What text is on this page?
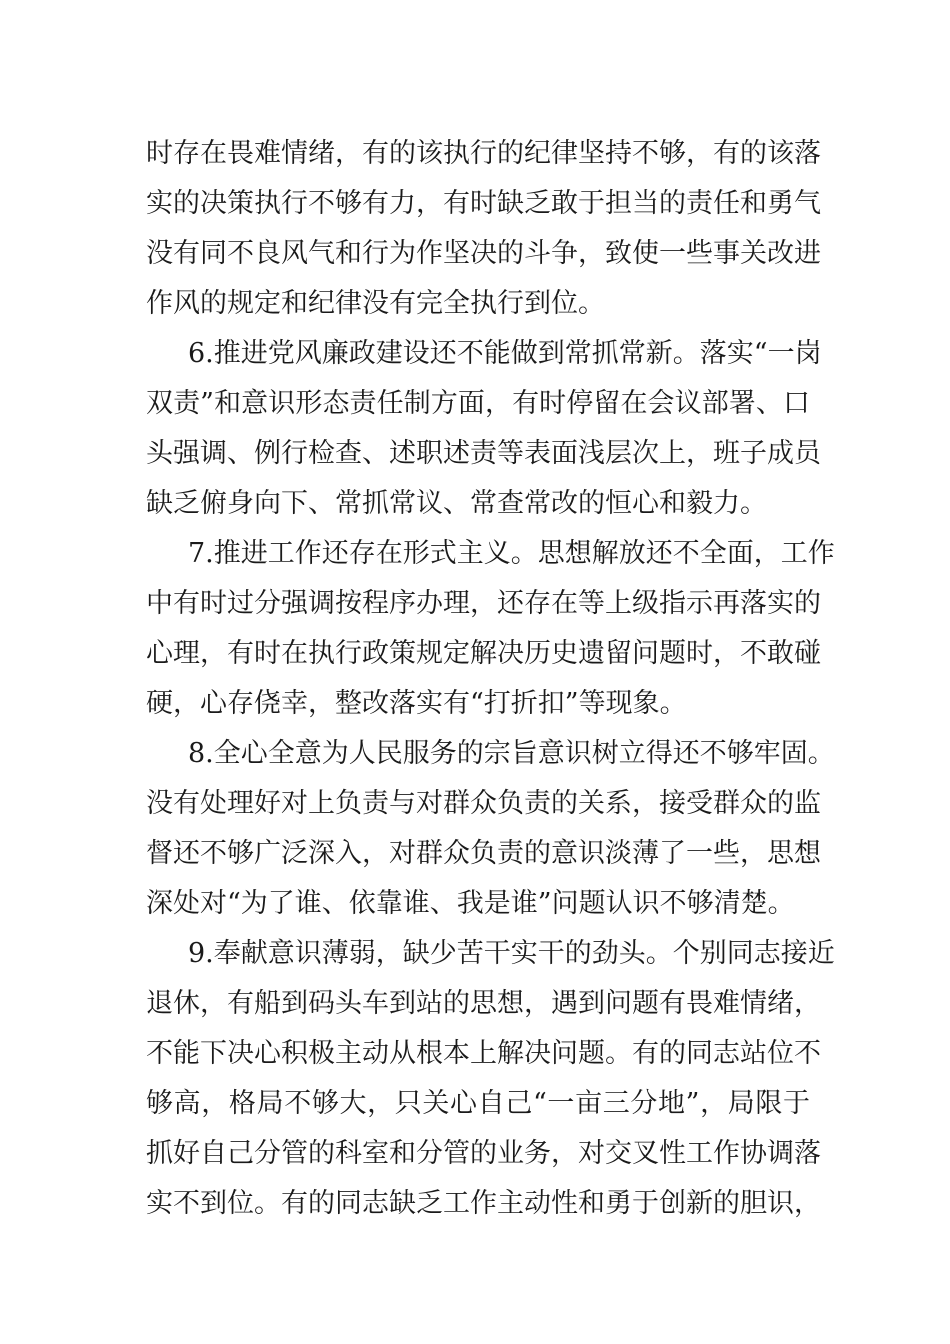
时存在畏难情绪，有的该执行的纪律坚持不够，有的该落
实的决策执行不够有力，有时缺乏敢于担当的责任和勇气
没有同不良风气和行为作坚决的斗争，致使一些事关改进
作风的规定和纪律没有完全执行到位。
6.推进党风廉政建设还不能做到常抓常新。落实“一岗
双责”和意识形态责任制方面，有时停留在会议部署、口
头强调、例行检查、述职述责等表面浅层次上，班子成员
缺乏俯身向下、常抓常议、常查常改的恒心和毅力。
7.推进工作还存在形式主义。思想解放还不全面，工作
中有时过分强调按程序办理，还存在等上级指示再落实的
心理，有时在执行政策规定解决历史遗留问题时，不敢碰
硬，心存侥幸，整改落实有“打折扣”等现象。
8.全心全意为人民服务的宗旨意识树立得还不够牢固。
没有处理好对上负责与对群众负责的关系，接受群众的监
督还不够广泛深入，对群众负责的意识淡薄了一些，思想
深处对“为了谁、依靠谁、我是谁”问题认识不够清楚。
9.奉献意识薄弱，缺少苦干实干的劲头。个别同志接近
退休，有船到码头车到站的思想，遇到问题有畏难情绪，
不能下决心积极主动从根本上解决问题。有的同志站位不
够高，格局不够大，只关心自己“一亩三分地”，局限于
抓好自己分管的科室和分管的业务，对交叉性工作协调落
实不到位。有的同志缺乏工作主动性和勇于创新的胆识，
